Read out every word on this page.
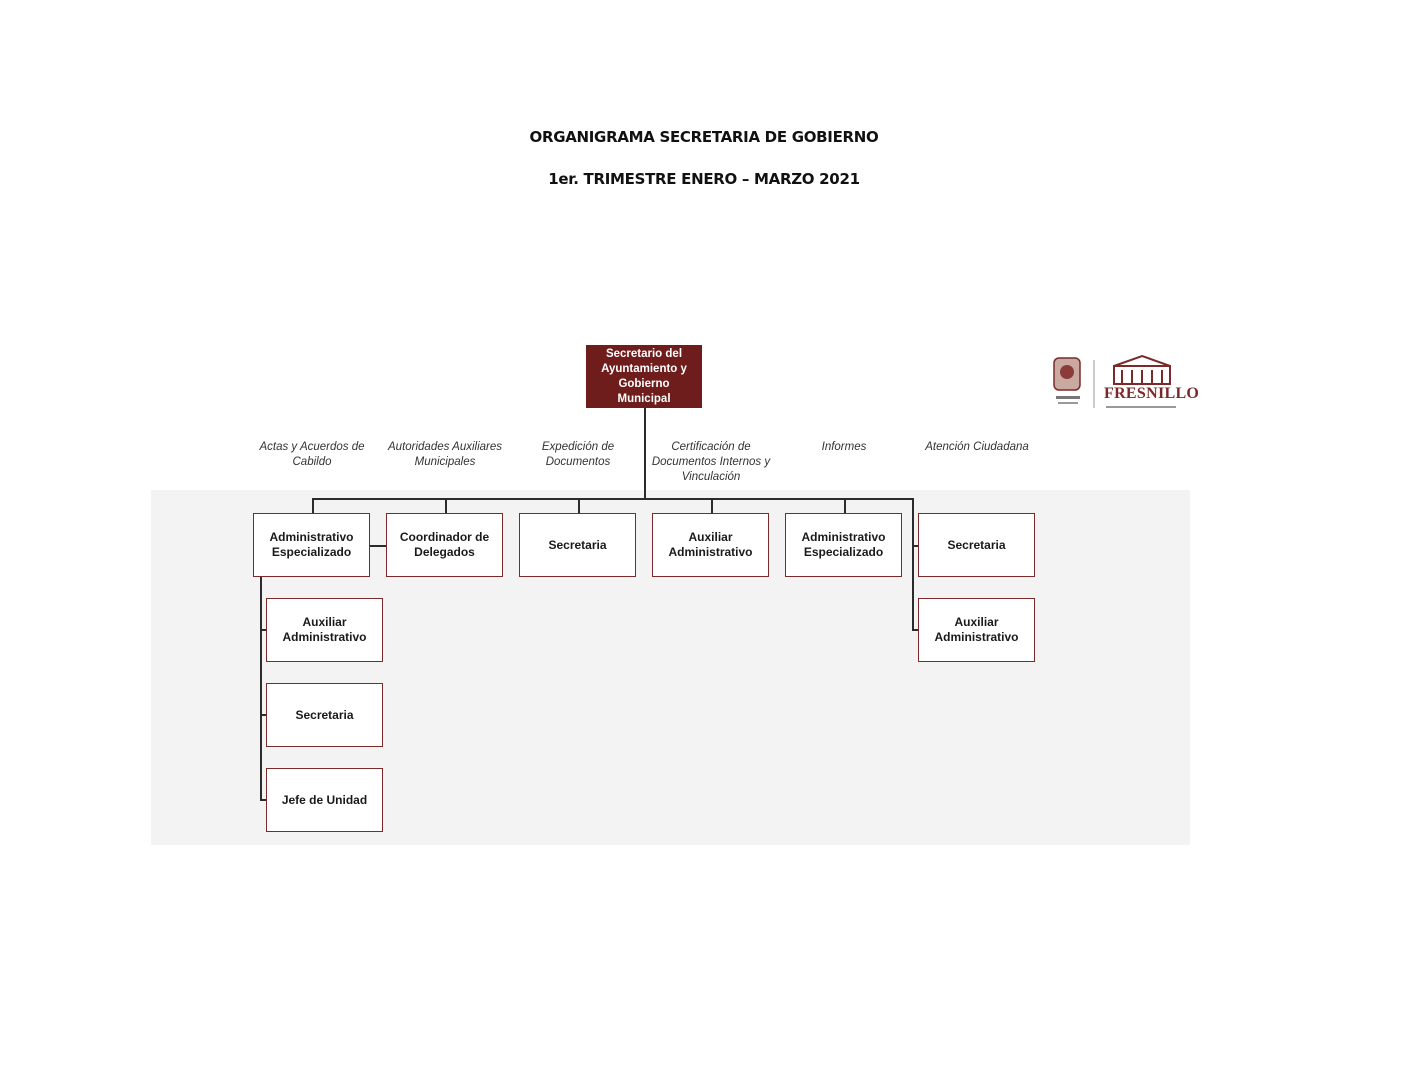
ORGANIGRAMA SECRETARIA DE GOBIERNO
1er. TRIMESTRE ENERO – MARZO 2021
FRESNILLO
Secretario del Ayuntamiento y Gobierno Municipal
Actas y Acuerdos de Cabildo
Autoridades Auxiliares Municipales
Expedición de Documentos
Certificación de Documentos Internos y Vinculación
Informes	Atención Ciudadana
Administrativo Especializado
Coordinador de Delegados
Secretaria
Auxiliar Administrativo
Administrativo Especializado
Secretaria
Auxiliar Administrativo
Secretaria
Jefe de Unidad
Auxiliar Administrativo
